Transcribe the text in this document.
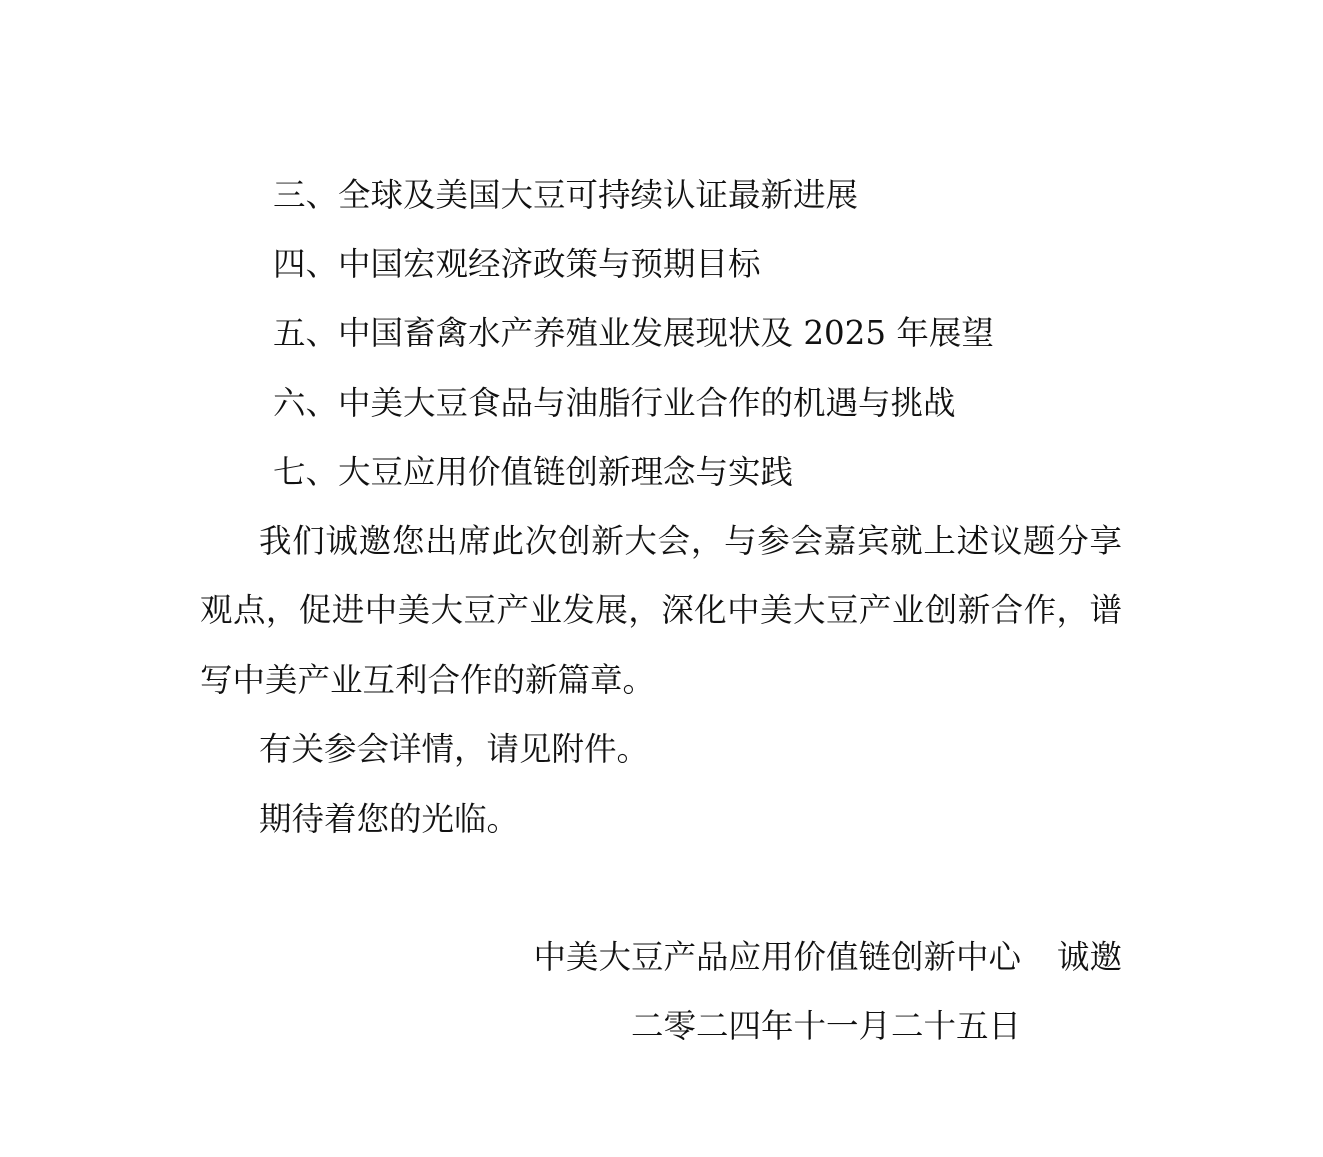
三、全球及美国大豆可持续认证最新进展
四、中国宏观经济政策与预期目标
五、中国畜禽水产养殖业发展现状及 2025 年展望
六、中美大豆食品与油脂行业合作的机遇与挑战
七、大豆应用价值链创新理念与实践
我们诚邀您出席此次创新大会，与参会嘉宾就上述议题分享
观点，促进中美大豆产业发展，深化中美大豆产业创新合作，谱
写中美产业互利合作的新篇章。
有关参会详情，请见附件。
期待着您的光临。
中美大豆产品应用价值链创新中心 诚邀
二零二四年十一月二十五日
